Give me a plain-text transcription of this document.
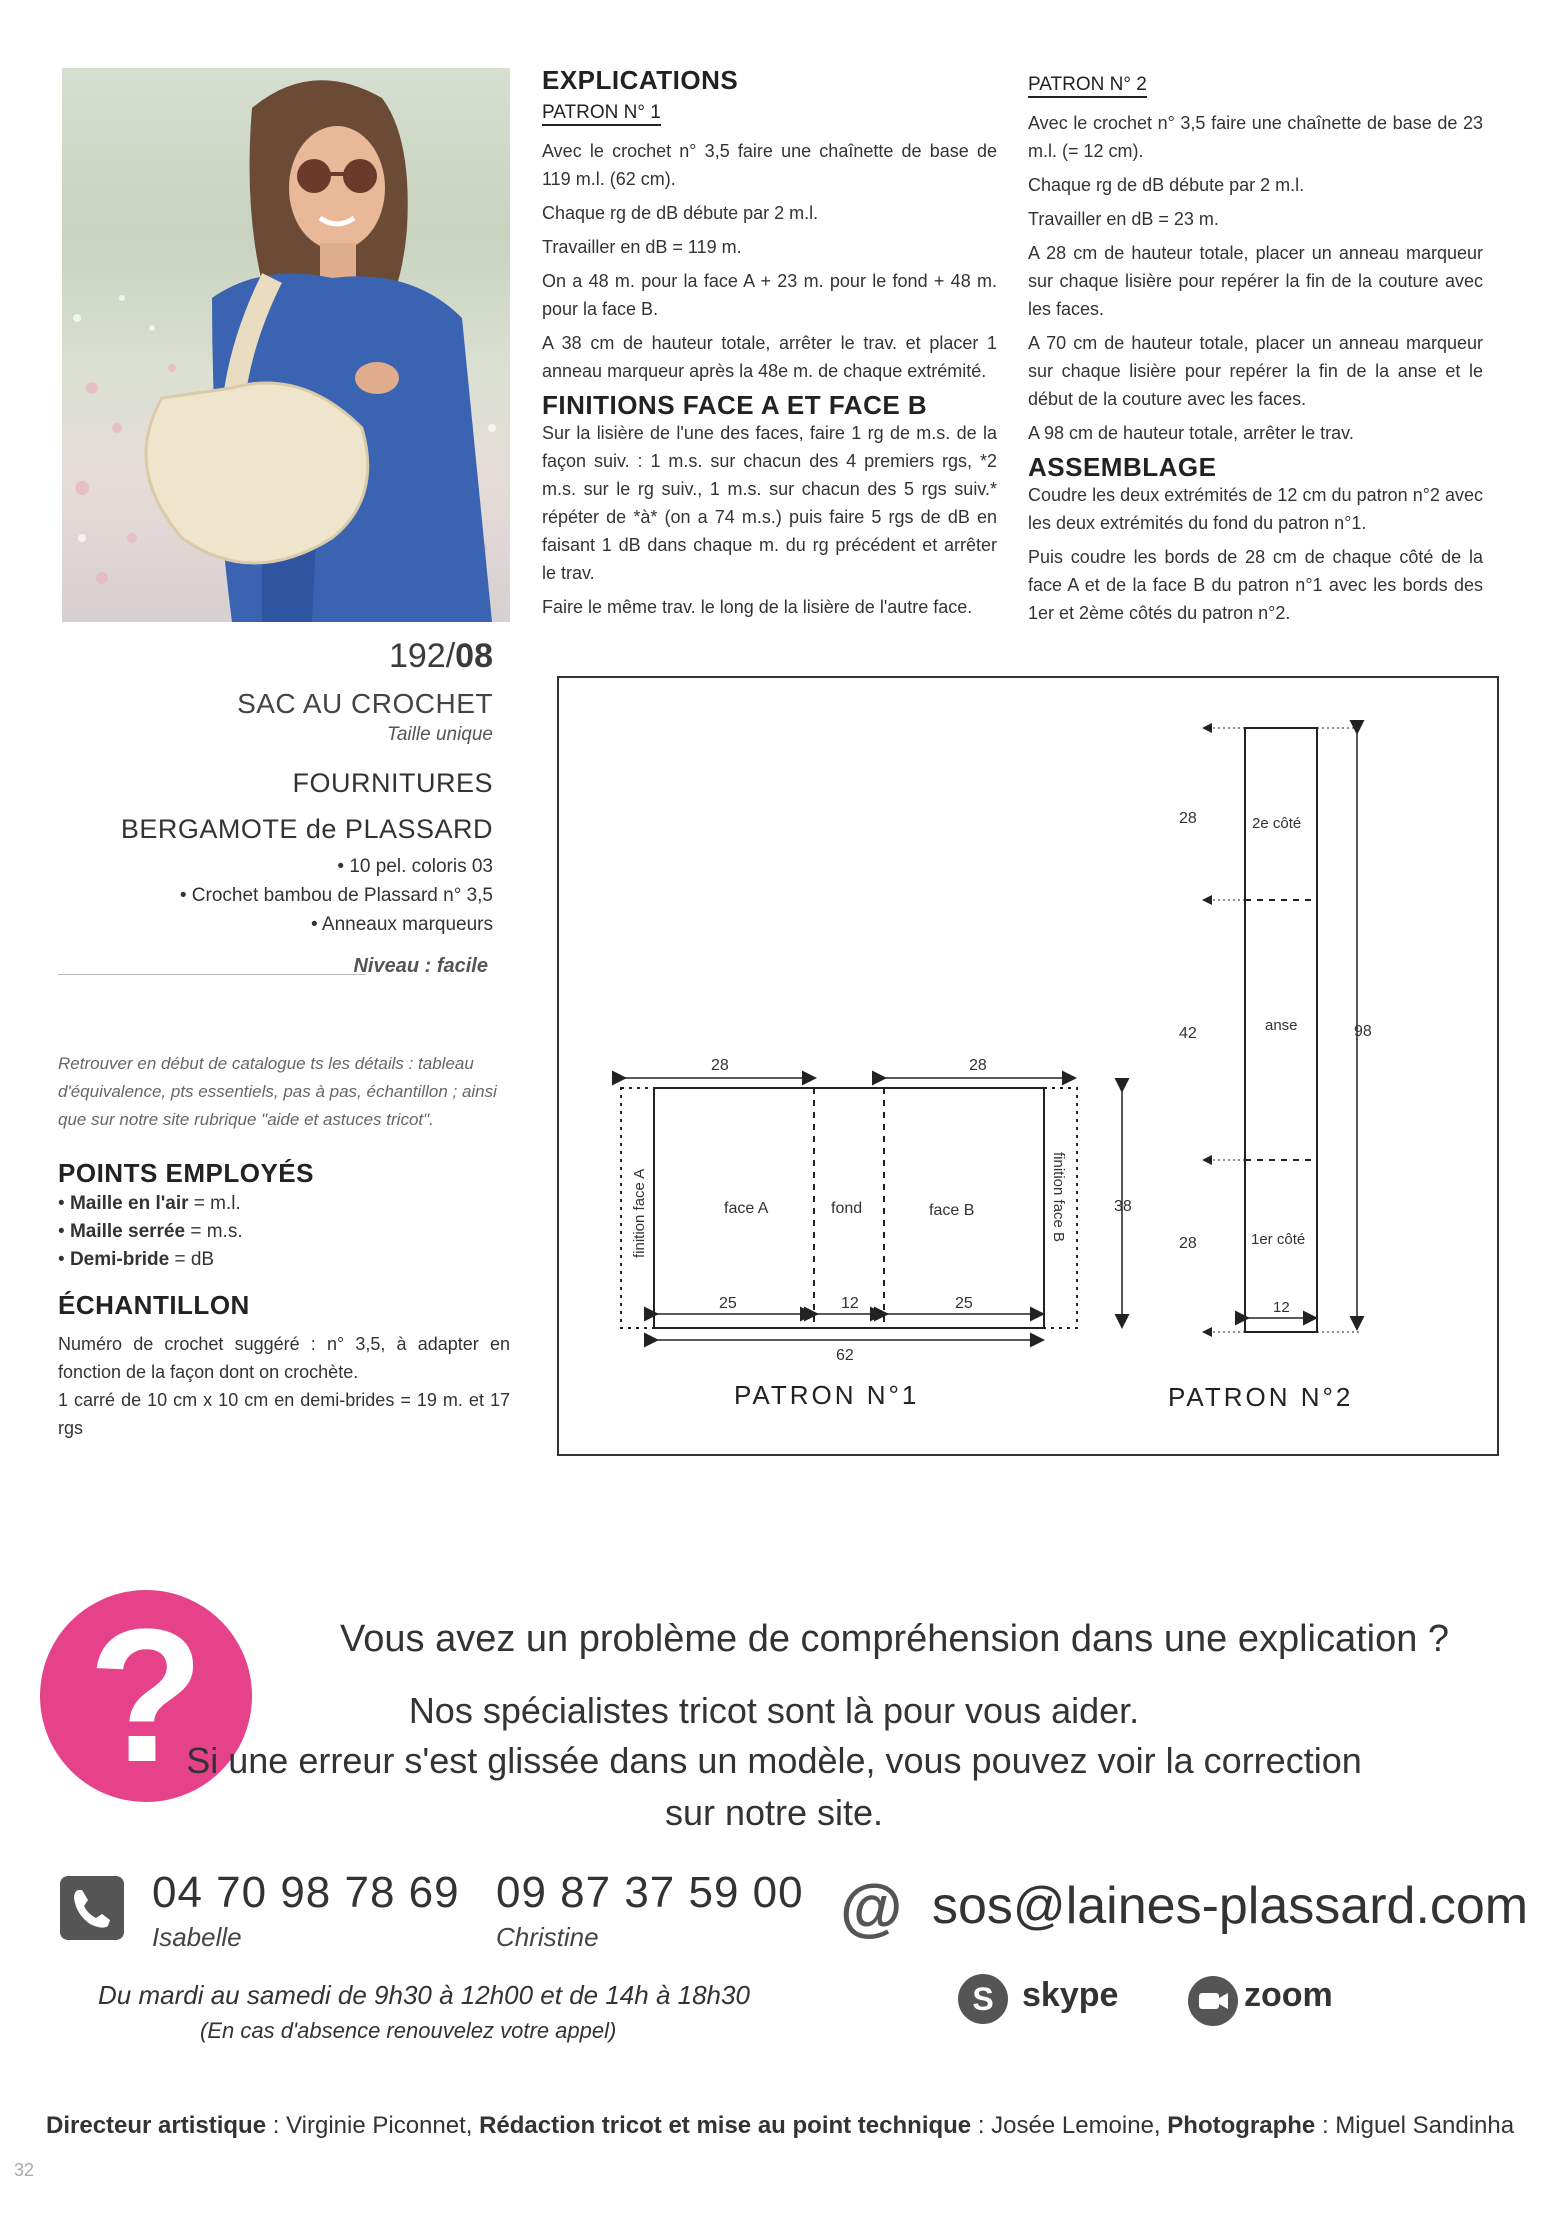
192/08
SAC AU CROCHET
Taille unique
FOURNITURES
BERGAMOTE de PLASSARD
• 10 pel. coloris 03
• Crochet bambou de Plassard n° 3,5
• Anneaux marqueurs
Niveau : facile
Retrouver en début de catalogue ts les détails : tableau d'équivalence, pts essentiels, pas à pas, échantillon ; ainsi que sur notre site rubrique "aide et astuces tricot".
POINTS EMPLOYÉS
• Maille en l'air = m.l.
• Maille serrée = m.s.
• Demi-bride = dB
ÉCHANTILLON
Numéro de crochet suggéré : n° 3,5, à adapter en fonction de la façon dont on crochète.
1 carré de 10 cm x 10 cm en demi-brides = 19 m. et 17 rgs
EXPLICATIONS
PATRON N° 1

Avec le crochet n° 3,5 faire une chaînette de base de 119 m.l. (62 cm).

Chaque rg de dB débute par 2 m.l.

Travailler en dB = 119 m.

On a 48 m. pour la face A + 23 m. pour le fond + 48 m. pour la face B.

A 38 cm de hauteur totale, arrêter le trav. et placer 1 anneau marqueur après la 48e m. de chaque extrémité.

FINITIONS FACE A ET FACE B

Sur la lisière de l'une des faces, faire 1 rg de m.s. de la façon suiv. : 1 m.s. sur chacun des 4 premiers rgs, *2 m.s. sur le rg suiv., 1 m.s. sur chacun des 5 rgs suiv.* répéter de *à* (on a 74 m.s.) puis faire 5 rgs de dB en faisant 1 dB dans chaque m. du rg précédent et arrêter le trav.

Faire le même trav. le long de la lisière de l'autre face.

PATRON N° 2

Avec le crochet n° 3,5 faire une chaînette de base de 23 m.l. (= 12 cm).

Chaque rg de dB débute par 2 m.l.

Travailler en dB = 23 m.

A 28 cm de hauteur totale, placer un anneau marqueur sur chaque lisière pour repérer la fin de la couture avec les faces.

A 70 cm de hauteur totale, placer un anneau marqueur sur chaque lisière pour repérer la fin de la anse et le début de la couture avec les faces.

A 98 cm de hauteur totale, arrêter le trav.

ASSEMBLAGE

Coudre les deux extrémités de 12 cm du patron n°2 avec les deux extrémités du fond du patron n°1.

Puis coudre les bords de 28 cm de chaque côté de la face A et de la face B du patron n°1 avec les bords des 1er et 2ème côtés du patron n°2.

28	28
face A	fond	face B
finition face A	finition face B	38
25	12	25
62
PATRON N°1
28
42
28
98
2e côté
anse
1er côté
12
PATRON N°2
?	Vous avez un problème de compréhension dans une explication ?
Nos spécialistes tricot sont là pour vous aider.
Si une erreur s'est glissée dans un modèle, vous pouvez voir la correction
sur notre site.
04 70 98 78 69
Isabelle
09 87 37 59 00
Christine	@ sos@laines-plassard.com
Du mardi au samedi de 9h30 à 12h00 et de 14h à 18h30
(En cas d'absence renouvelez votre appel)
S skype	zoom
Directeur artistique : Virginie Piconnet, Rédaction tricot et mise au point technique : Josée Lemoine, Photographe : Miguel Sandinha
32
